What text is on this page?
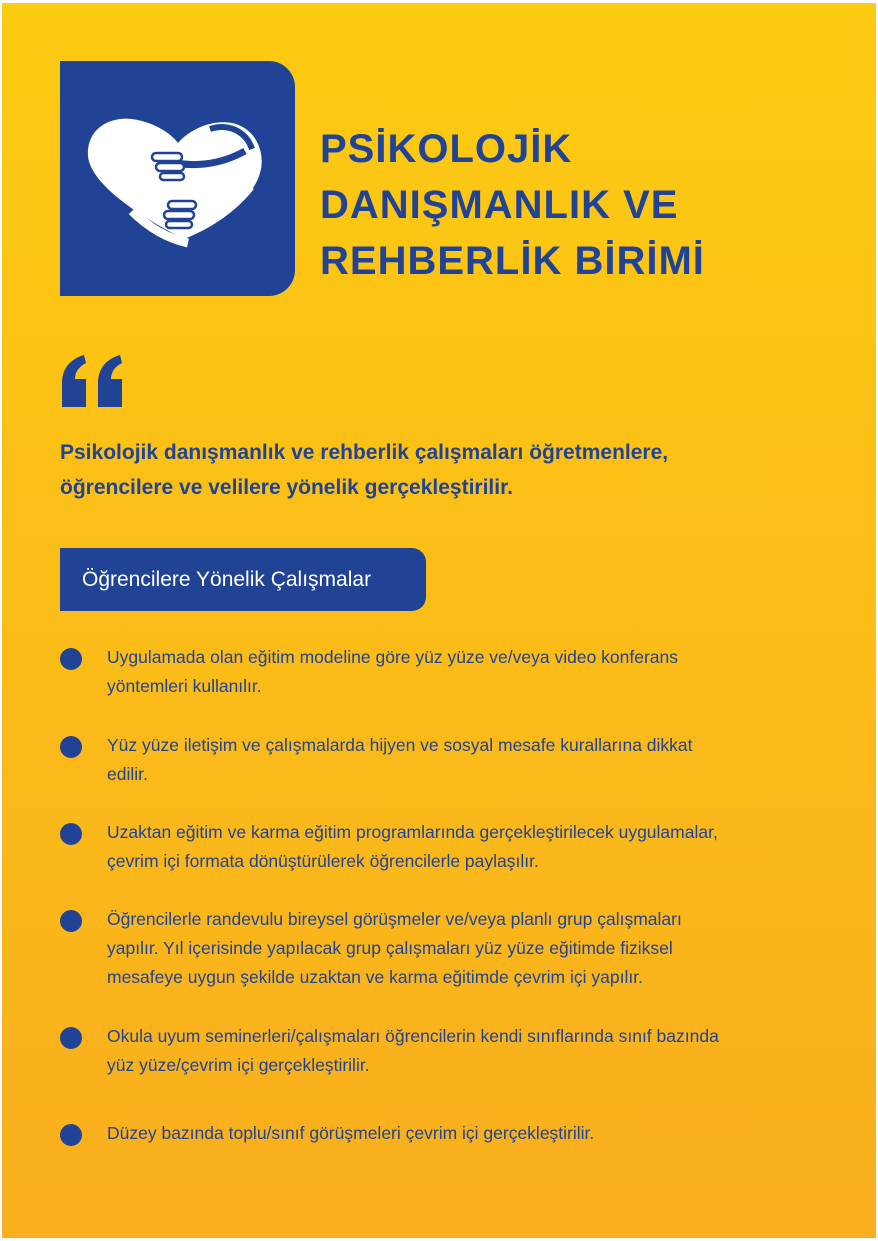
PSİKOLOJİK
DANIŞMANLIK VE
REHBERLİK BİRİMİ
Psikolojik danışmanlık ve rehberlik çalışmaları öğretmenlere,
öğrencilere ve velilere yönelik gerçekleştirilir.
Öğrencilere Yönelik Çalışmalar
Uygulamada olan eğitim modeline göre yüz yüze ve/veya video konferans
yöntemleri kullanılır.
Yüz yüze iletişim ve çalışmalarda hijyen ve sosyal mesafe kurallarına dikkat
edilir.
Uzaktan eğitim ve karma eğitim programlarında gerçekleştirilecek uygulamalar,
çevrim içi formata dönüştürülerek öğrencilerle paylaşılır.
Öğrencilerle randevulu bireysel görüşmeler ve/veya planlı grup çalışmaları
yapılır. Yıl içerisinde yapılacak grup çalışmaları yüz yüze eğitimde fiziksel
mesafeye uygun şekilde uzaktan ve karma eğitimde çevrim içi yapılır.
Okula uyum seminerleri/çalışmaları öğrencilerin kendi sınıflarında sınıf bazında
yüz yüze/çevrim içi gerçekleştirilir.
Düzey bazında toplu/sınıf görüşmeleri çevrim içi gerçekleştirilir.
